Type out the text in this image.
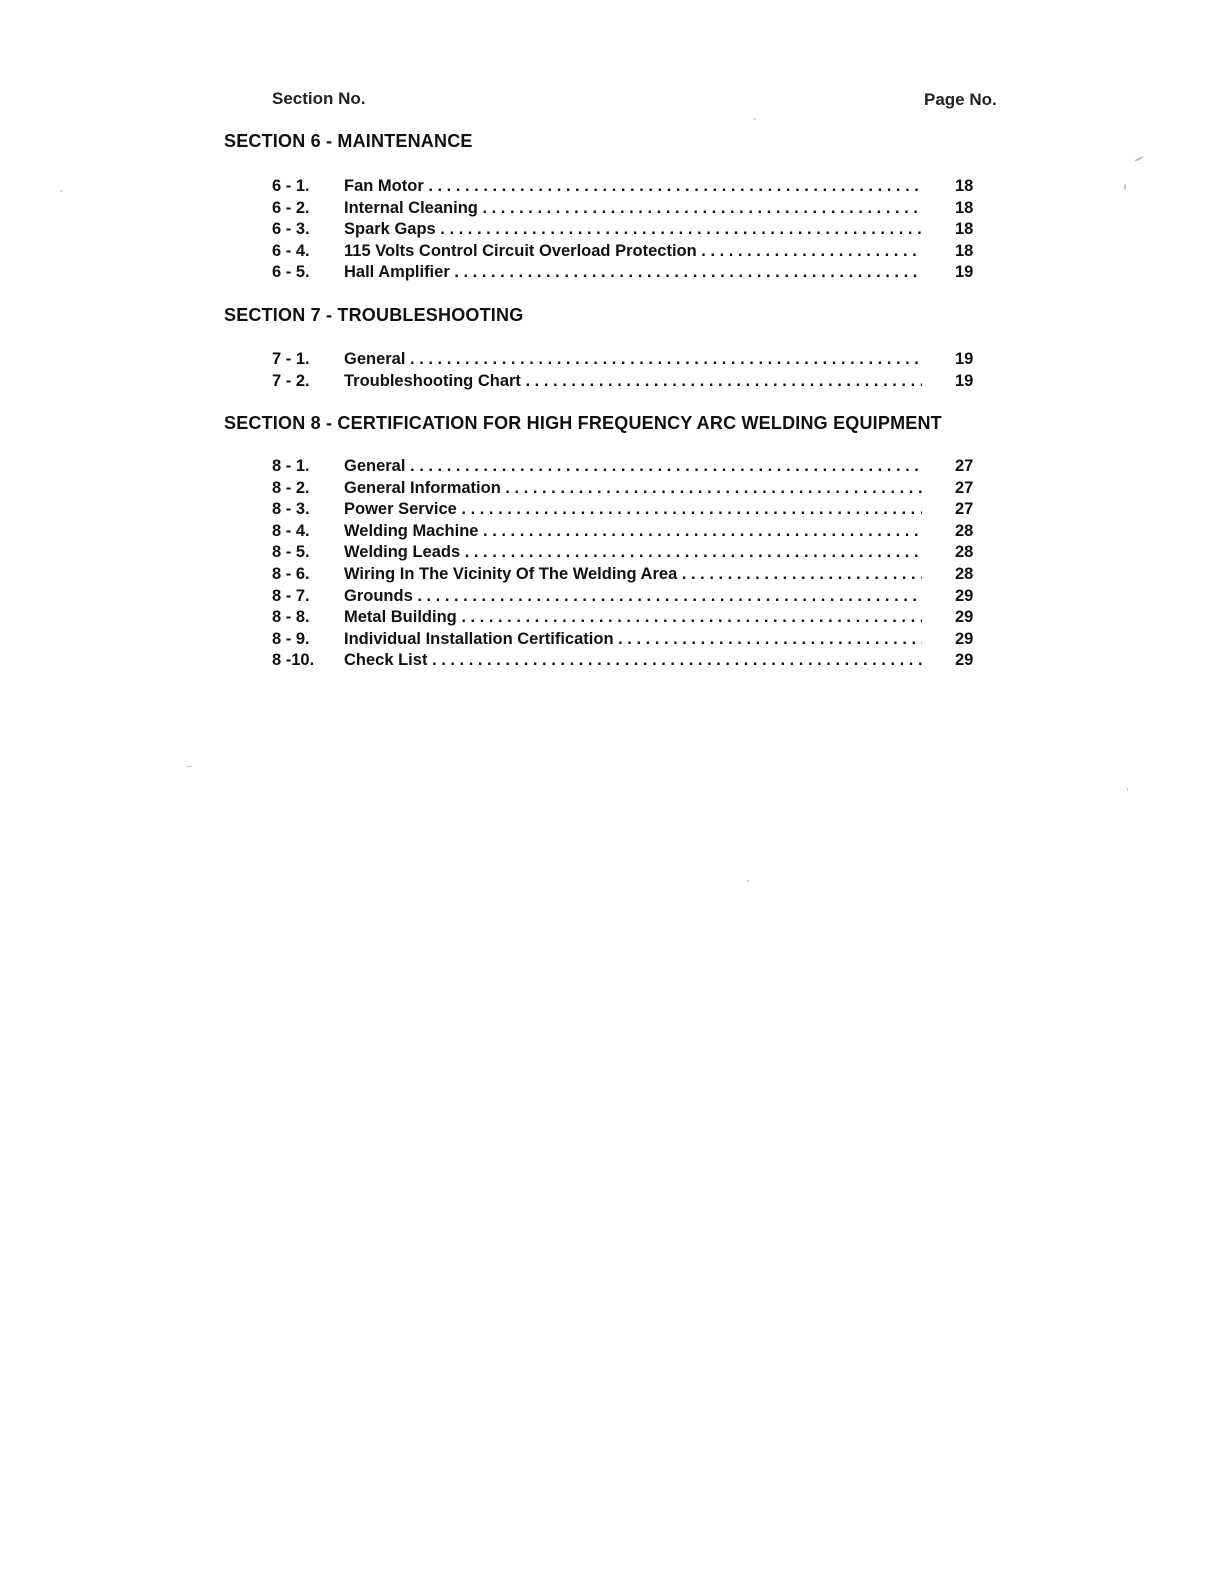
Section No.	Page No.
SECTION 6 - MAINTENANCE
6 - 1.	Fan Motor . . .	18
6 - 2.	Internal Cleaning . . .	18
6 - 3.	Spark Gaps . . .	18
6 - 4.	115 Volts Control Circuit Overload Protection . . .	18
6 - 5.	Hall Amplifier . . .	19
SECTION 7 - TROUBLESHOOTING
7 - 1.	General . . .	19
7 - 2.	Troubleshooting Chart . . .	19
SECTION 8 - CERTIFICATION FOR HIGH FREQUENCY ARC WELDING EQUIPMENT
8 - 1.	General . . .	27
8 - 2.	General Information . . .	27
8 - 3.	Power Service . . .	27
8 - 4.	Welding Machine . . .	28
8 - 5.	Welding Leads . . .	28
8 - 6.	Wiring In The Vicinity Of The Welding Area . . .	28
8 - 7.	Grounds . . .	29
8 - 8.	Metal Building . . .	29
8 - 9.	Individual Installation Certification . . .	29
8 -10.	Check List . . .	29
